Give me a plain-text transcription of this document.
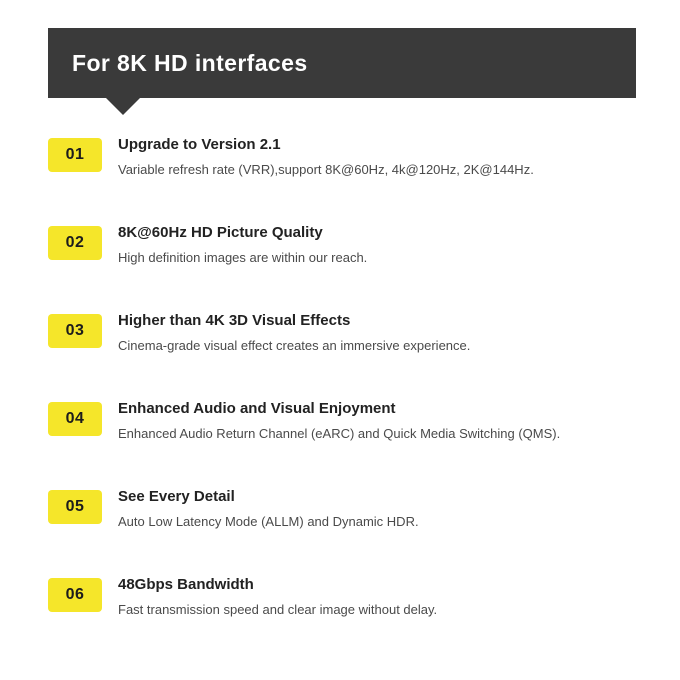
For 8K HD interfaces
01
Upgrade to Version 2.1
Variable refresh rate (VRR),support 8K@60Hz, 4k@120Hz, 2K@144Hz.
02
8K@60Hz HD Picture Quality
High definition images are within our reach.
03
Higher than 4K 3D Visual Effects
Cinema-grade visual effect creates an immersive experience.
04
Enhanced Audio and Visual Enjoyment
Enhanced Audio Return Channel (eARC) and Quick Media Switching (QMS).
05
See Every Detail
Auto Low Latency Mode (ALLM) and Dynamic HDR.
06
48Gbps Bandwidth
Fast transmission speed and clear image without delay.
